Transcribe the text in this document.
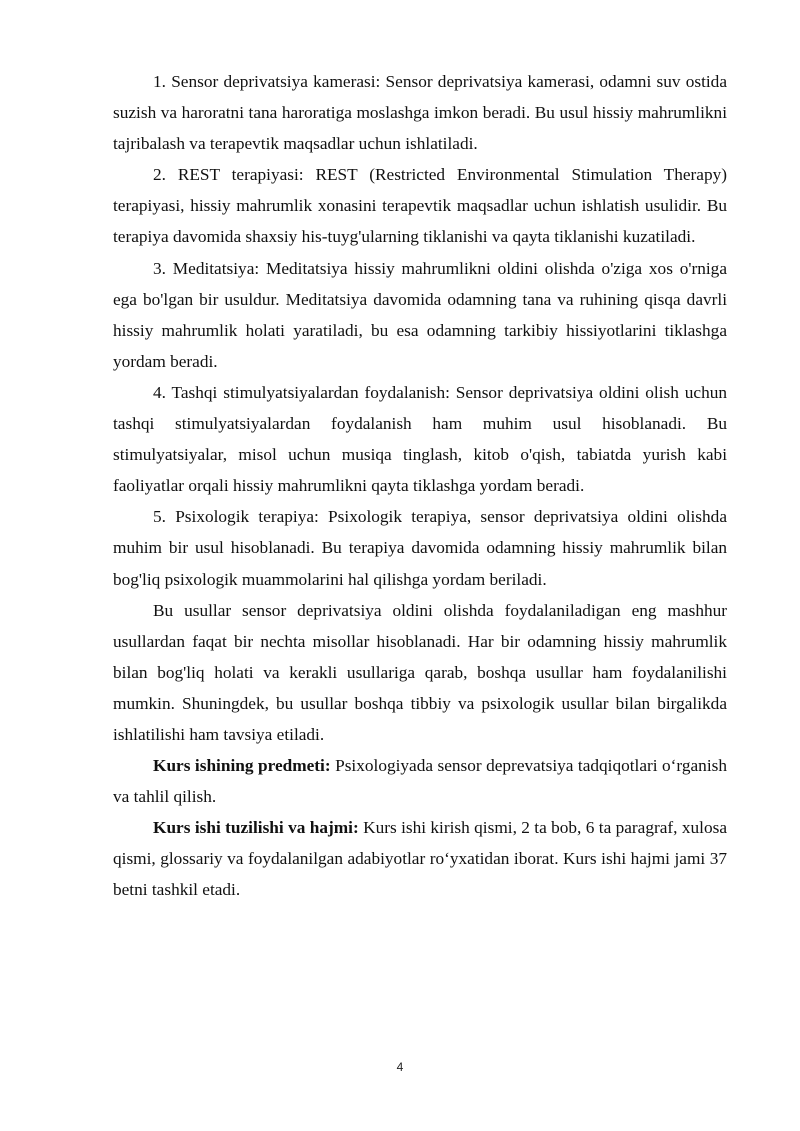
1. Sensor deprivatsiya kamerasi: Sensor deprivatsiya kamerasi, odamni suv ostida suzish va haroratni tana haroratiga moslashga imkon beradi. Bu usul hissiy mahrumlikni tajribalash va terapevtik maqsadlar uchun ishlatiladi.

2. REST terapiyasi: REST (Restricted Environmental Stimulation Therapy) terapiyasi, hissiy mahrumlik xonasini terapevtik maqsadlar uchun ishlatish usulidir. Bu terapiya davomida shaxsiy his-tuyg'ularning tiklanishi va qayta tiklanishi kuzatiladi.

3. Meditatsiya: Meditatsiya hissiy mahrumlikni oldini olishda o'ziga xos o'rniga ega bo'lgan bir usuldur. Meditatsiya davomida odamning tana va ruhining qisqa davrli hissiy mahrumlik holati yaratiladi, bu esa odamning tarkibiy hissiyotlarini tiklashga yordam beradi.

4. Tashqi stimulyatsiyalardan foydalanish: Sensor deprivatsiya oldini olish uchun tashqi stimulyatsiyalardan foydalanish ham muhim usul hisoblanadi. Bu stimulyatsiyalar, misol uchun musiqa tinglash, kitob o'qish, tabiatda yurish kabi faoliyatlar orqali hissiy mahrumlikni qayta tiklashga yordam beradi.

5. Psixologik terapiya: Psixologik terapiya, sensor deprivatsiya oldini olishda muhim bir usul hisoblanadi. Bu terapiya davomida odamning hissiy mahrumlik bilan bog'liq psixologik muammolarini hal qilishga yordam beriladi.

Bu usullar sensor deprivatsiya oldini olishda foydalaniladigan eng mashhur usullardan faqat bir nechta misollar hisoblanadi. Har bir odamning hissiy mahrumlik bilan bog'liq holati va kerakli usullariga qarab, boshqa usullar ham foydalanilishi mumkin. Shuningdek, bu usullar boshqa tibbiy va psixologik usullar bilan birgalikda ishlatilishi ham tavsiya etiladi.

Kurs ishining predmeti: Psixologiyada sensor deprevatsiya tadqiqotlari o‘rganish va tahlil qilish.

Kurs ishi tuzilishi va hajmi: Kurs ishi kirish qismi, 2 ta bob, 6 ta paragraf, xulosa qismi, glossariy va foydalanilgan adabiyotlar ro‘yxatidan iborat. Kurs ishi hajmi jami 37 betni tashkil etadi.

4
